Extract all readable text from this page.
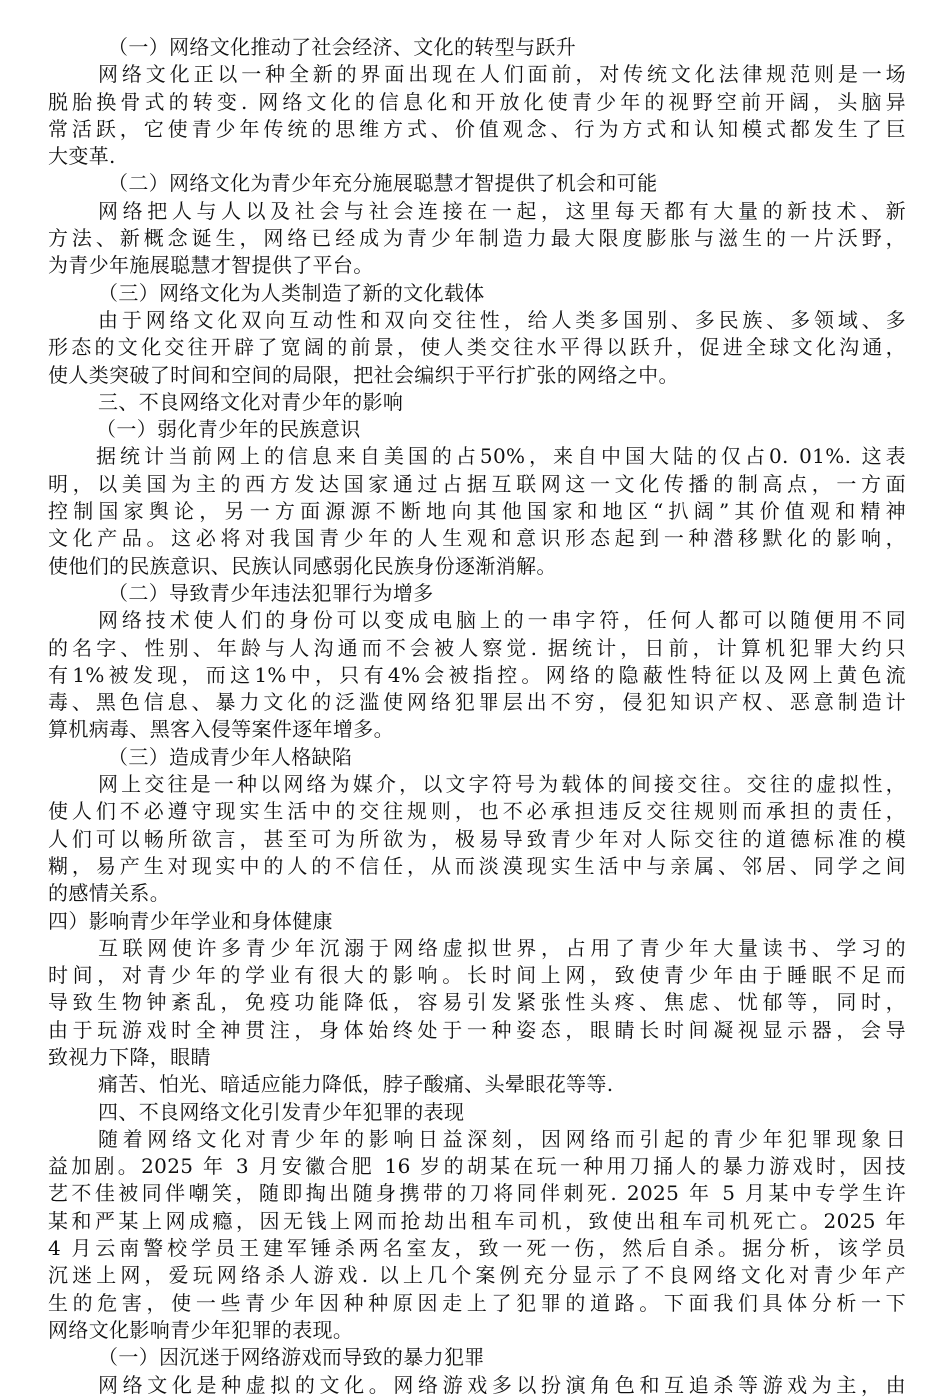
（一）网络文化推动了社会经济、文化的转型与跃升
网络文化正以一种全新的界面出现在人们面前，对传统文化法律规范则是一场
脱胎换骨式的转变. 网络文化的信息化和开放化使青少年的视野空前开阔，头脑异
常活跃，它使青少年传统的思维方式、价值观念、行为方式和认知模式都发生了巨
大变革.
（二）网络文化为青少年充分施展聪慧才智提供了机会和可能
网络把人与人以及社会与社会连接在一起，这里每天都有大量的新技术、新
方法、新概念诞生，网络已经成为青少年制造力最大限度膨胀与滋生的一片沃野，
为青少年施展聪慧才智提供了平台。
（三）网络文化为人类制造了新的文化载体
由于网络文化双向互动性和双向交往性，给人类多国别、多民族、多领域、多
形态的文化交往开辟了宽阔的前景，使人类交往水平得以跃升，促进全球文化沟通，
使人类突破了时间和空间的局限，把社会编织于平行扩张的网络之中。
三、不良网络文化对青少年的影响
（一）弱化青少年的民族意识
据统计当前网上的信息来自美国的占50%，来自中国大陆的仅占0. 01%. 这表
明，以美国为主的西方发达国家通过占据互联网这一文化传播的制高点，一方面
控制国家舆论，另一方面源源不断地向其他国家和地区“扒阔”其价值观和精神
文化产品。这必将对我国青少年的人生观和意识形态起到一种潜移默化的影响，
使他们的民族意识、民族认同感弱化民族身份逐渐消解。
（二）导致青少年违法犯罪行为增多
网络技术使人们的身份可以变成电脑上的一串字符，任何人都可以随便用不同
的名字、性别、年龄与人沟通而不会被人察觉. 据统计，日前，计算机犯罪大约只
有1%被发现，而这1%中，只有4%会被指控。网络的隐蔽性特征以及网上黄色流
毒、黑色信息、暴力文化的泛滥使网络犯罪层出不穷，侵犯知识产权、恶意制造计
算机病毒、黑客入侵等案件逐年增多。
（三）造成青少年人格缺陷
网上交往是一种以网络为媒介，以文字符号为载体的间接交往。交往的虚拟性，
使人们不必遵守现实生活中的交往规则，也不必承担违反交往规则而承担的责任，
人们可以畅所欲言，甚至可为所欲为，极易导致青少年对人际交往的道德标准的模
糊，易产生对现实中的人的不信任，从而淡漠现实生活中与亲属、邻居、同学之间
的感情关系。
四）影响青少年学业和身体健康
互联网使许多青少年沉溺于网络虚拟世界，占用了青少年大量读书、学习的
时间，对青少年的学业有很大的影响。长时间上网，致使青少年由于睡眠不足而
导致生物钟紊乱，免疫功能降低，容易引发紧张性头疼、焦虑、忧郁等，同时，
由于玩游戏时全神贯注，身体始终处于一种姿态，眼睛长时间凝视显示器，会导
致视力下降，眼睛
痛苦、怕光、暗适应能力降低，脖子酸痛、头晕眼花等等.
四、不良网络文化引发青少年犯罪的表现
随着网络文化对青少年的影响日益深刻，因网络而引起的青少年犯罪现象日
益加剧。2025 年 3 月安徽合肥 16 岁的胡某在玩一种用刀捅人的暴力游戏时，因技
艺不佳被同伴嘲笑，随即掏出随身携带的刀将同伴刺死. 2025 年 5 月某中专学生许
某和严某上网成瘾，因无钱上网而抢劫出租车司机，致使出租车司机死亡。2025 年
4 月云南警校学员王建军锤杀两名室友，致一死一伤，然后自杀。据分析，该学员
沉迷上网，爱玩网络杀人游戏. 以上几个案例充分显示了不良网络文化对青少年产
生的危害，使一些青少年因种种原因走上了犯罪的道路。下面我们具体分析一下
网络文化影响青少年犯罪的表现。
（一）因沉迷于网络游戏而导致的暴力犯罪
网络文化是种虚拟的文化。网络游戏多以扮演角色和互追杀等游戏为主，由
